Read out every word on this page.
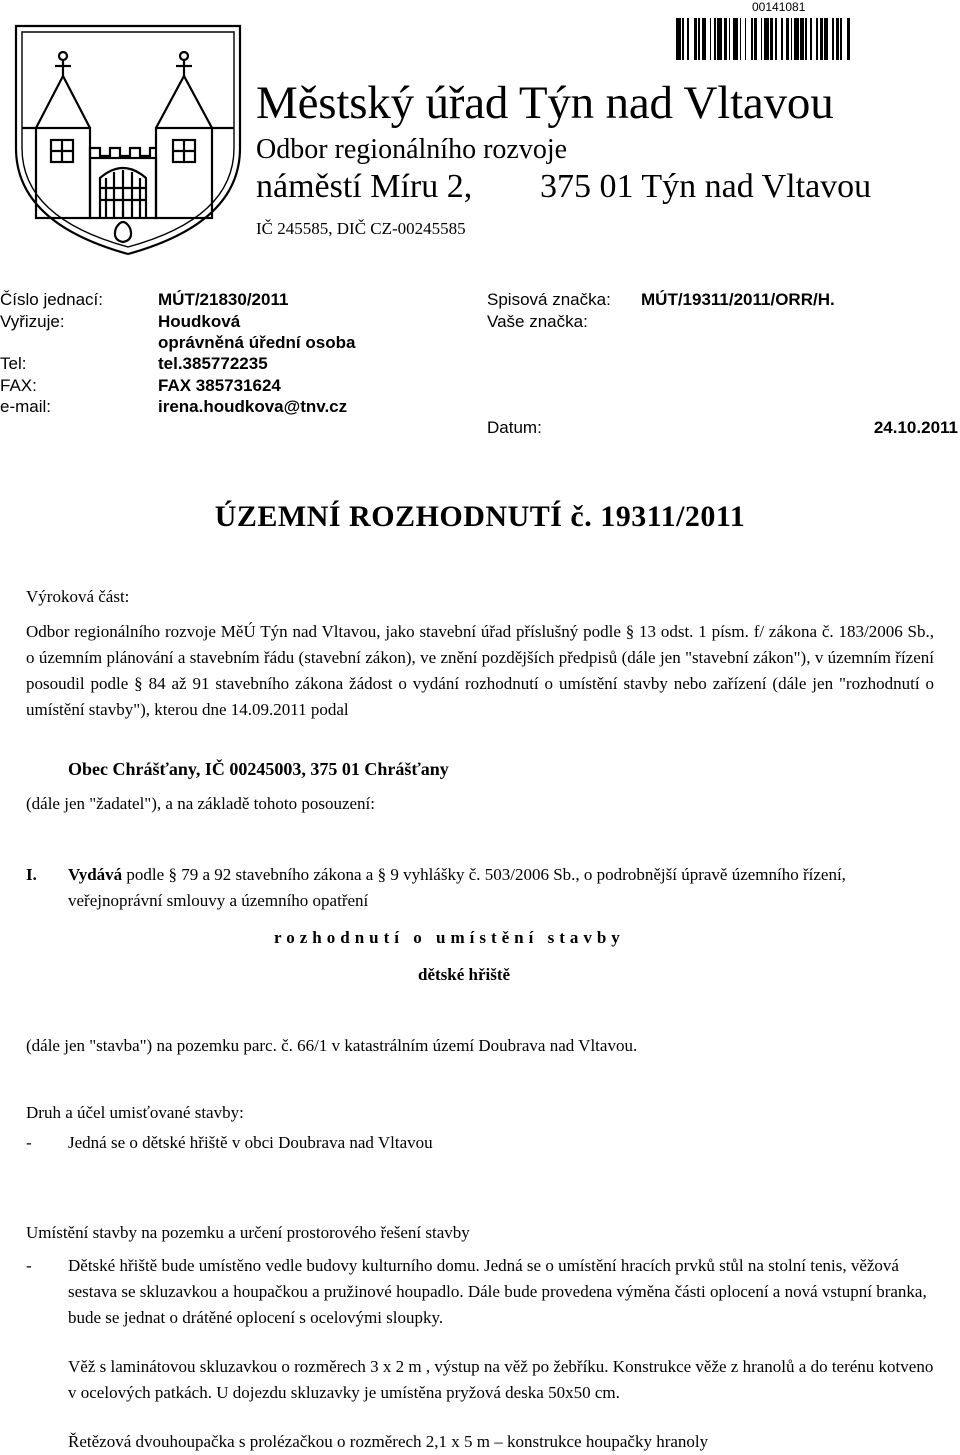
00141081
Městský úřad Týn nad Vltavou
Odbor regionálního rozvoje
náměstí Míru 2, 375 01 Týn nad Vltavou
IČ 245585, DIČ CZ-00245585
Číslo jednací:	MÚT/21830/2011
Vyřizuje:	Houdková
oprávněná úřední osoba
Tel:	tel.385772235
FAX:	FAX 385731624
e-mail:	irena.houdkova@tnv.cz
Spisová značka: MÚT/19311/2011/ORR/H.
Vaše značka:
Datum:	24.10.2011
ÚZEMNÍ ROZHODNUTÍ č. 19311/2011
Výroková část:
Odbor regionálního rozvoje MěÚ Týn nad Vltavou, jako stavební úřad příslušný podle § 13 odst. 1 písm. f/ zákona č. 183/2006 Sb., o územním plánování a stavebním řádu (stavební zákon), ve znění pozdějších předpisů (dále jen "stavební zákon"), v územním řízení posoudil podle § 84 až 91 stavebního zákona žádost o vydání rozhodnutí o umístění stavby nebo zařízení (dále jen "rozhodnutí o umístění stavby"), kterou dne 14.09.2011 podal
Obec Chrášťany, IČ 00245003, 375 01 Chrášťany
(dále jen "žadatel"), a na základě tohoto posouzení:
I. Vydává podle § 79 a 92 stavebního zákona a § 9 vyhlášky č. 503/2006 Sb., o podrobnější úpravě územního řízení, veřejnoprávní smlouvy a územního opatření
rozhodnutí o umístění stavby
dětské hřiště
(dále jen "stavba") na pozemku parc. č. 66/1 v katastrálním území Doubrava nad Vltavou.
Druh a účel umisťované stavby:
- Jedná se o dětské hřiště v obci Doubrava nad Vltavou
Umístění stavby na pozemku a určení prostorového řešení stavby
- Dětské hřiště bude umístěno vedle budovy kulturního domu. Jedná se o umístění hracích prvků stůl na stolní tenis, věžová sestava se skluzavkou a houpačkou a pružinové houpadlo. Dále bude provedena výměna části oplocení a nová vstupní branka, bude se jednat o drátěné oplocení s ocelovými sloupky.
Věž s laminátovou skluzavkou o rozměrech 3 x 2 m , výstup na věž po žebříku. Konstrukce věže z hranolů a do terénu kotveno v ocelových patkách. U dojezdu skluzavky je umístěna pryžová deska 50x50 cm.
Řetězová dvouhoupačka s prolézačkou o rozměrech 2,1 x 5 m – konstrukce houpačky hranoly
